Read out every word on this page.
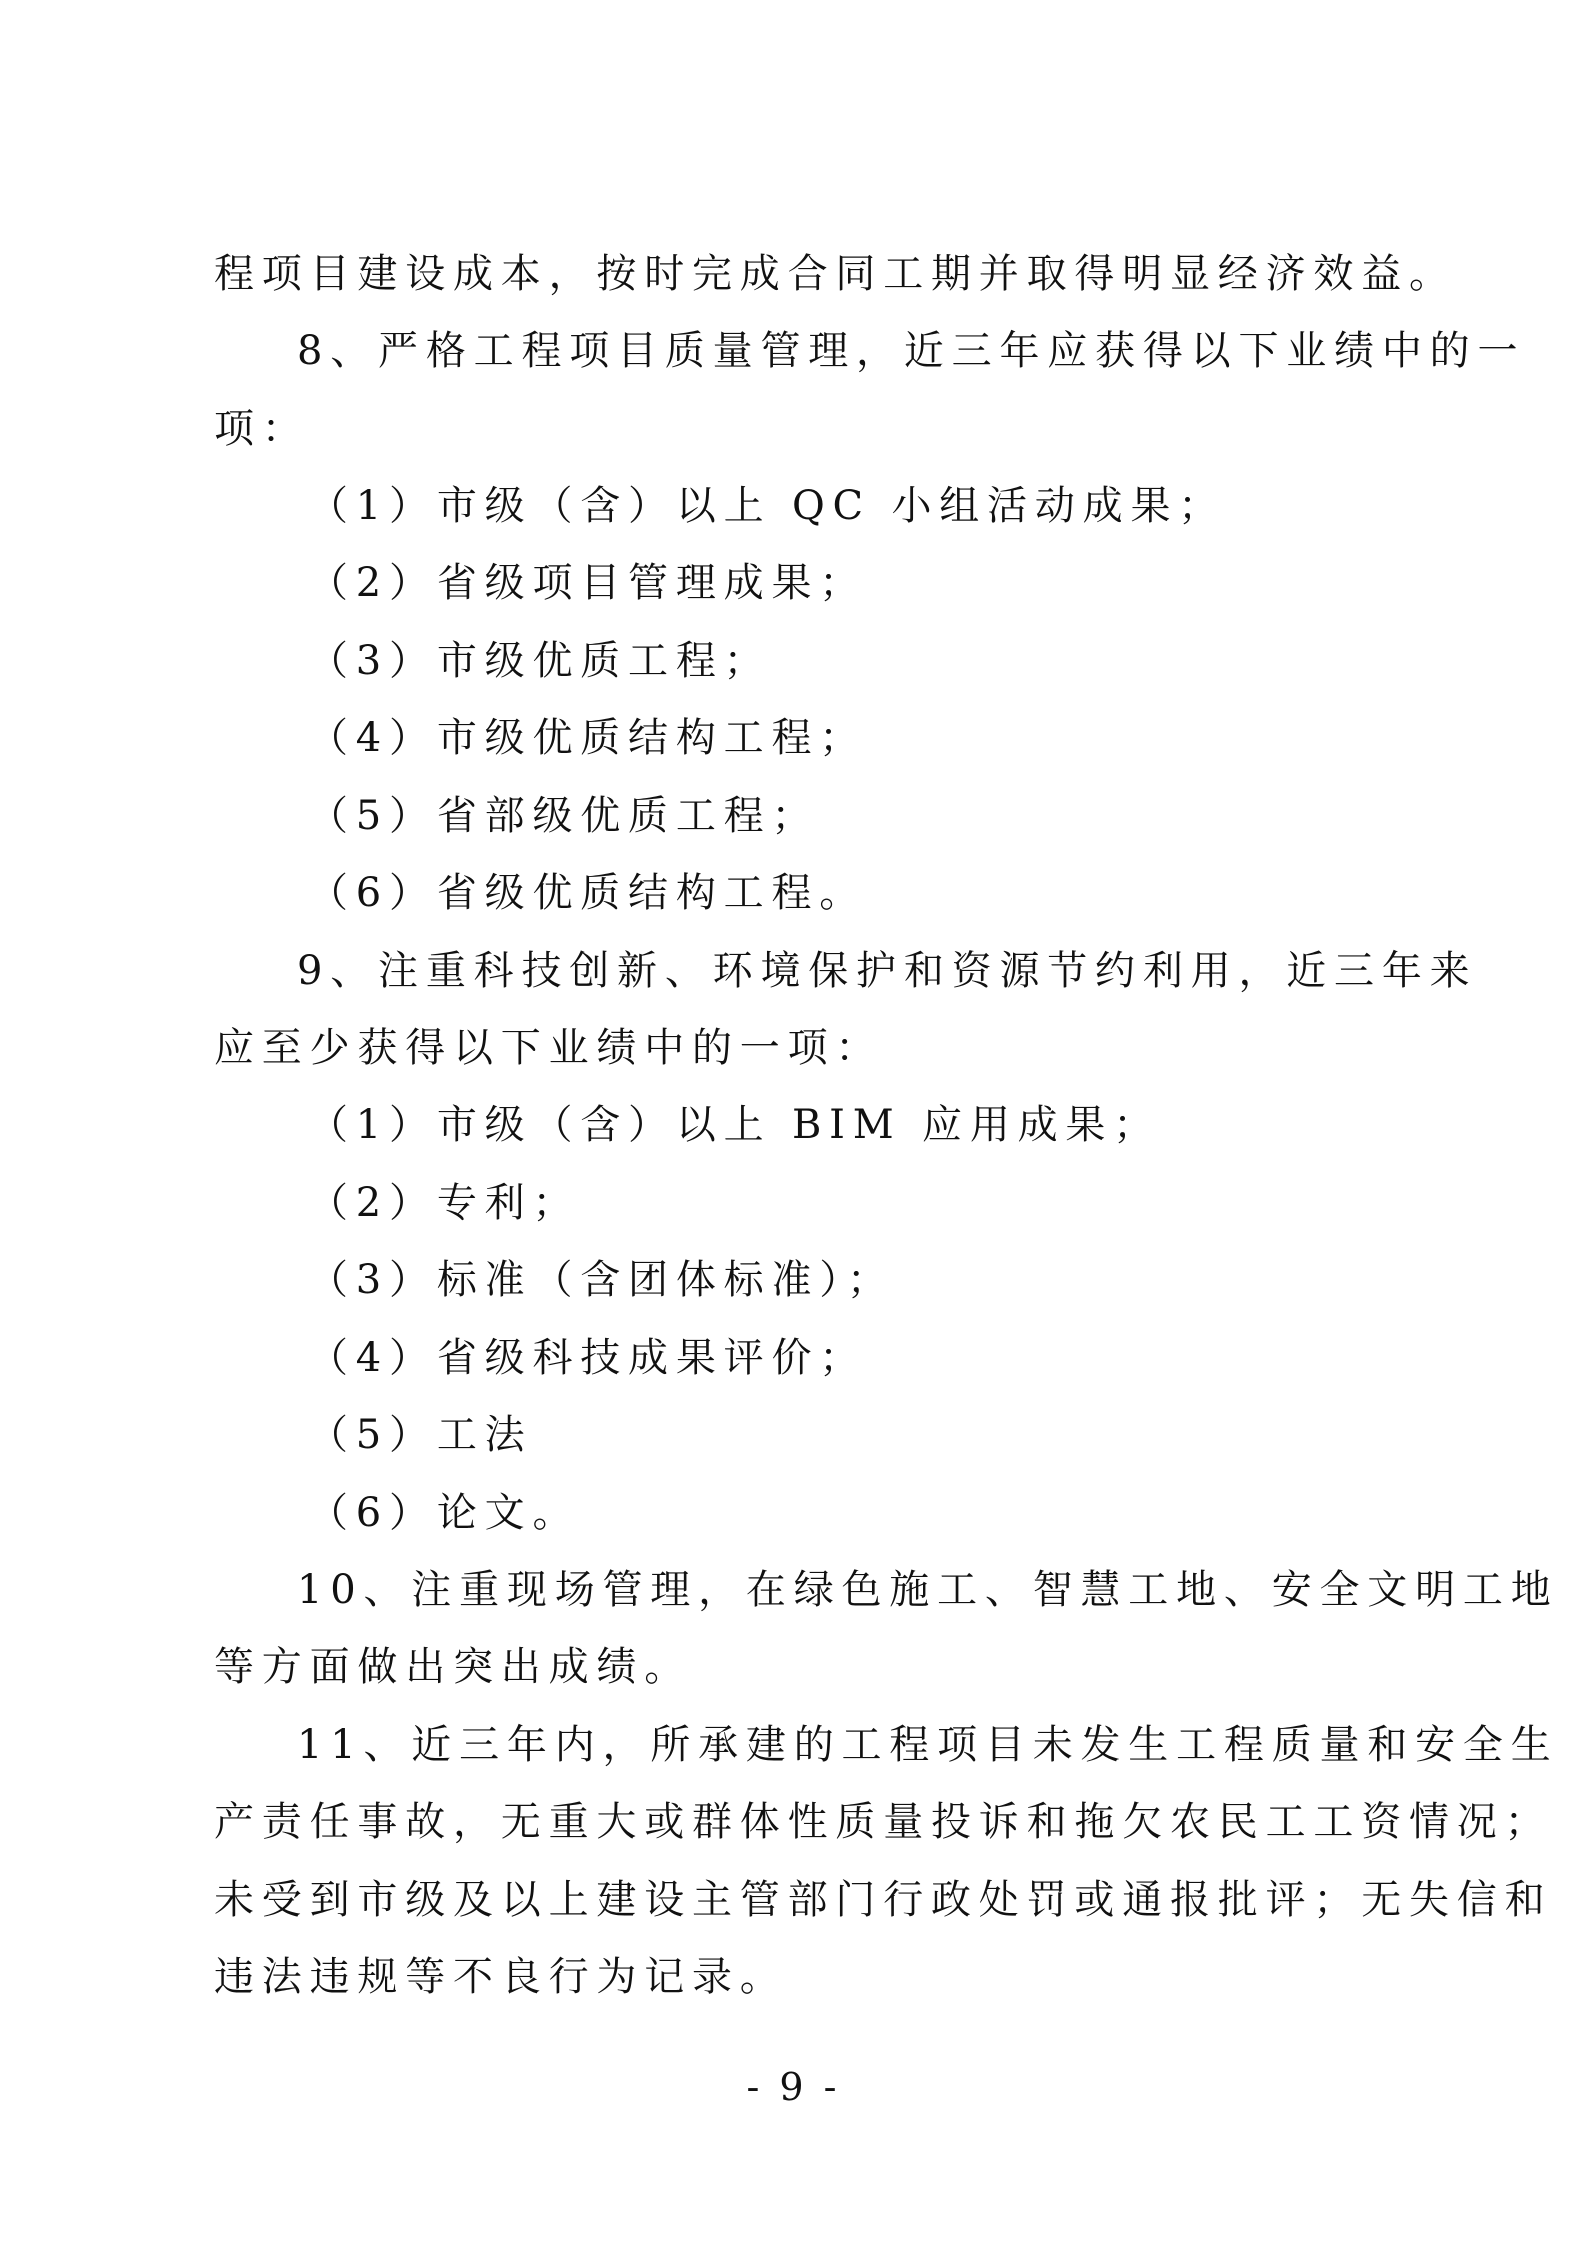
程项目建设成本，按时完成合同工期并取得明显经济效益。
8、严格工程项目质量管理，近三年应获得以下业绩中的一
项：
（1）市级（含）以上 QC 小组活动成果；
（2）省级项目管理成果；
（3）市级优质工程；
（4）市级优质结构工程；
（5）省部级优质工程；
（6）省级优质结构工程。
9、注重科技创新、环境保护和资源节约利用，近三年来
应至少获得以下业绩中的一项：
（1）市级（含）以上 BIM 应用成果；
（2）专利；
（3）标准（含团体标准）；
（4）省级科技成果评价；
（5）工法
（6）论文。
10、注重现场管理，在绿色施工、智慧工地、安全文明工地
等方面做出突出成绩。
11、近三年内，所承建的工程项目未发生工程质量和安全生
产责任事故，无重大或群体性质量投诉和拖欠农民工工资情况；
未受到市级及以上建设主管部门行政处罚或通报批评；无失信和
违法违规等不良行为记录。
- 9 -
